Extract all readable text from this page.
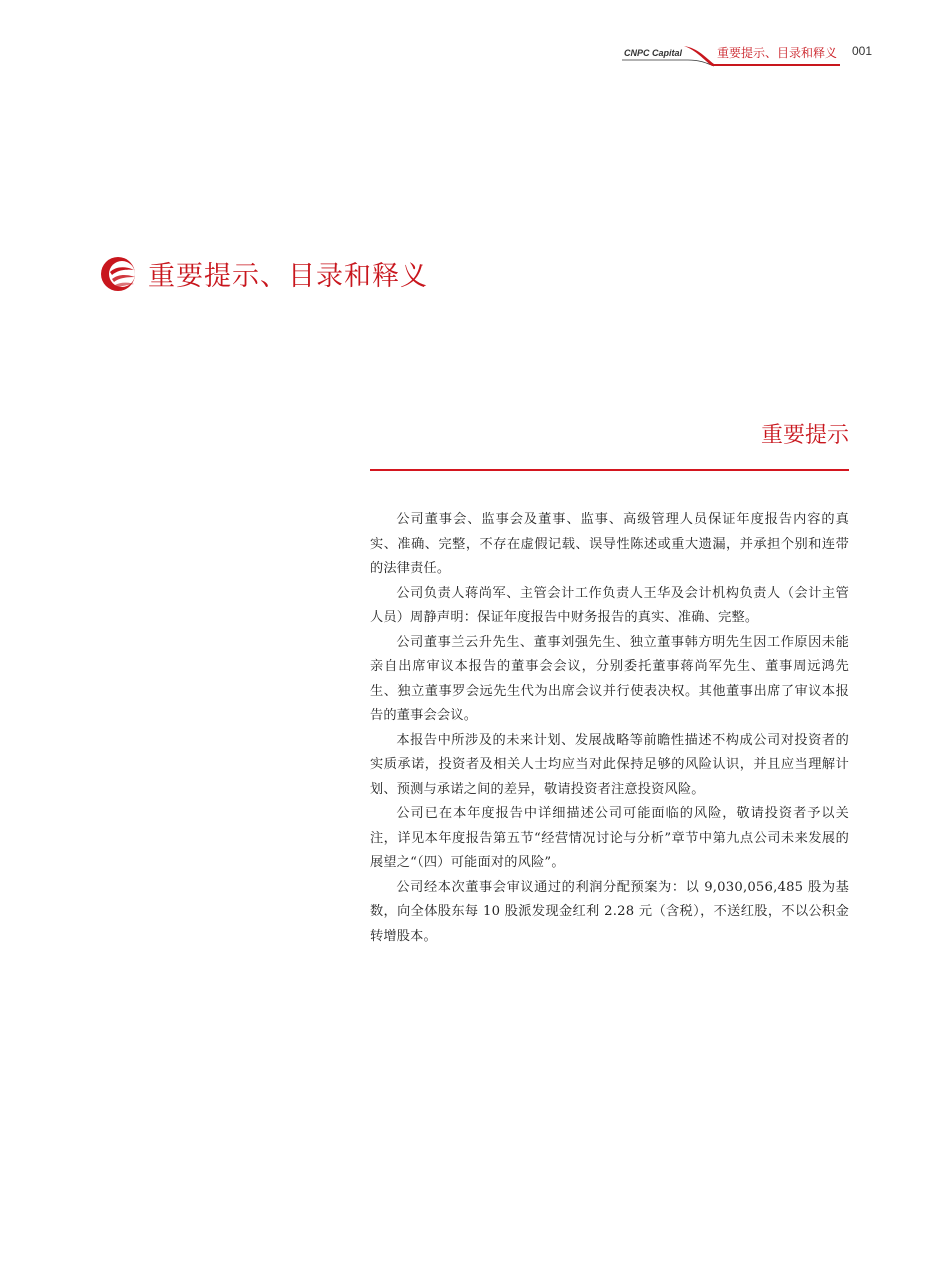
CNPC Capital	重要提示、目录和释义 001
重要提示、目录和释义
重要提示

公司董事会、监事会及董事、监事、高级管理人员保证年度报告内容的真实、准确、完整，不存在虚假记载、误导性陈述或重大遗漏，并承担个别和连带的法律责任。

公司负责人蒋尚军、主管会计工作负责人王华及会计机构负责人（会计主管人员）周静声明：保证年度报告中财务报告的真实、准确、完整。

公司董事兰云升先生、董事刘强先生、独立董事韩方明先生因工作原因未能亲自出席审议本报告的董事会会议，分别委托董事蒋尚军先生、董事周远鸿先生、独立董事罗会远先生代为出席会议并行使表决权。其他董事出席了审议本报告的董事会会议。

本报告中所涉及的未来计划、发展战略等前瞻性描述不构成公司对投资者的实质承诺，投资者及相关人士均应当对此保持足够的风险认识，并且应当理解计划、预测与承诺之间的差异，敬请投资者注意投资风险。

公司已在本年度报告中详细描述公司可能面临的风险，敬请投资者予以关注，详见本年度报告第五节“经营情况讨论与分析”章节中第九点公司未来发展的展望之“（四）可能面对的风险”。

公司经本次董事会审议通过的利润分配预案为：以 9,030,056,485 股为基数，向全体股东每 10 股派发现金红利 2.28 元（含税），不送红股，不以公积金转增股本。
